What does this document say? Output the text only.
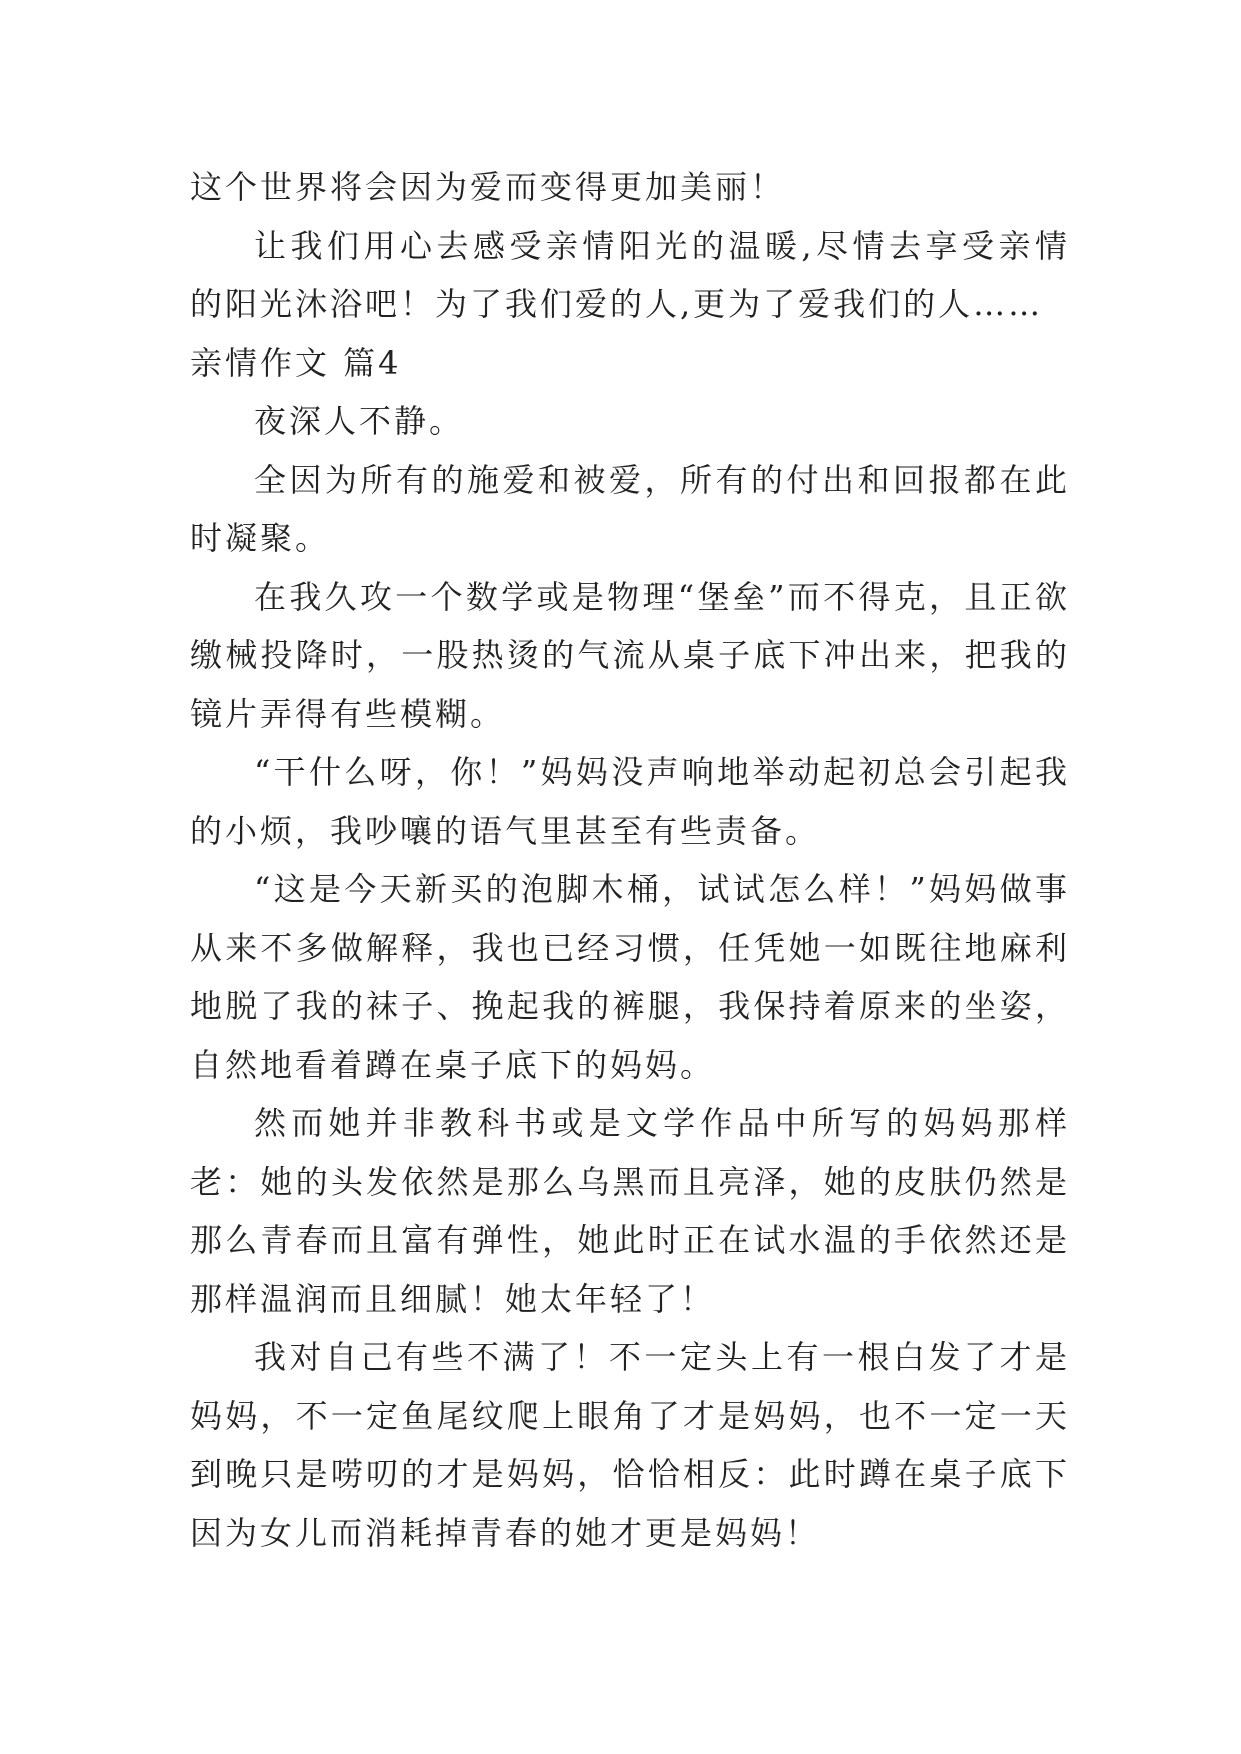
这个世界将会因为爱而变得更加美丽！

让我们用心去感受亲情阳光的温暖,尽情去享受亲情的阳光沐浴吧！为了我们爱的人,更为了爱我们的人……

亲情作文 篇4

夜深人不静。

全因为所有的施爱和被爱，所有的付出和回报都在此时凝聚。

在我久攻一个数学或是物理“堡垒”而不得克，且正欲缴械投降时，一股热烫的气流从桌子底下冲出来，把我的镜片弄得有些模糊。

“干什么呀，你！”妈妈没声响地举动起初总会引起我的小烦，我吵嚷的语气里甚至有些责备。

“这是今天新买的泡脚木桶，试试怎么样！”妈妈做事从来不多做解释，我也已经习惯，任凭她一如既往地麻利地脱了我的袜子、挽起我的裤腿，我保持着原来的坐姿，自然地看着蹲在桌子底下的妈妈。

然而她并非教科书或是文学作品中所写的妈妈那样老：她的头发依然是那么乌黑而且亮泽，她的皮肤仍然是那么青春而且富有弹性，她此时正在试水温的手依然还是那样温润而且细腻！她太年轻了！

我对自己有些不满了！不一定头上有一根白发了才是妈妈，不一定鱼尾纹爬上眼角了才是妈妈，也不一定一天到晚只是唠叨的才是妈妈，恰恰相反：此时蹲在桌子底下因为女儿而消耗掉青春的她才更是妈妈！
